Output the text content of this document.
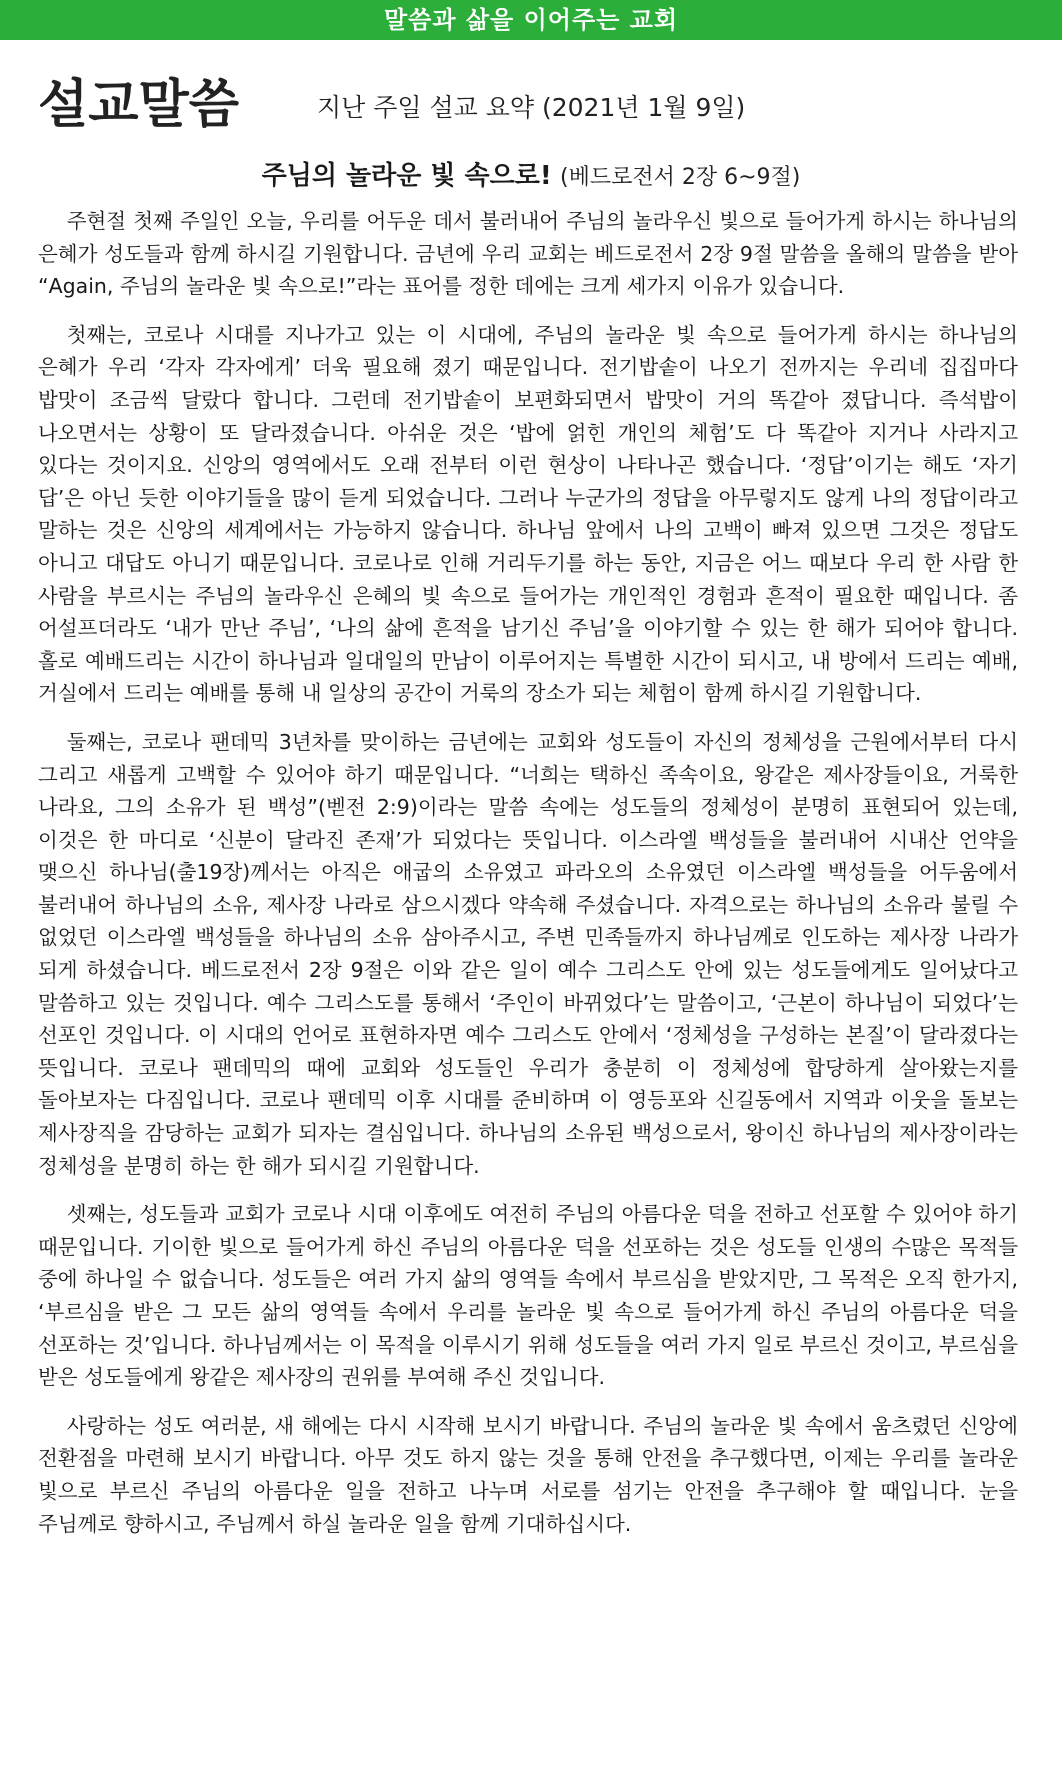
말씀과 삶을 이어주는 교회
설교말씀	지난 주일 설교 요약 (2021년 1월 9일)
주님의 놀라운 빛 속으로! (베드로전서 2장 6~9절)

주현절 첫째 주일인 오늘, 우리를 어두운 데서 불러내어 주님의 놀라우신 빛으로 들어가게 하시는 하나님의 은혜가 성도들과 함께 하시길 기원합니다. 금년에 우리 교회는 베드로전서 2장 9절 말씀을 올해의 말씀을 받아 “Again, 주님의 놀라운 빛 속으로!”라는 표어를 정한 데에는 크게 세가지 이유가 있습니다.

첫째는, 코로나 시대를 지나가고 있는 이 시대에, 주님의 놀라운 빛 속으로 들어가게 하시는 하나님의 은혜가 우리 ‘각자 각자에게’ 더욱 필요해 졌기 때문입니다. 전기밥솥이 나오기 전까지는 우리네 집집마다 밥맛이 조금씩 달랐다 합니다. 그런데 전기밥솥이 보편화되면서 밥맛이 거의 똑같아 졌답니다. 즉석밥이 나오면서는 상황이 또 달라졌습니다. 아쉬운 것은 ‘밥에 얽힌 개인의 체험’도 다 똑같아 지거나 사라지고 있다는 것이지요. 신앙의 영역에서도 오래 전부터 이런 현상이 나타나곤 했습니다. ‘정답’이기는 해도 ‘자기 답’은 아닌 듯한 이야기들을 많이 듣게 되었습니다. 그러나 누군가의 정답을 아무렇지도 않게 나의 정답이라고 말하는 것은 신앙의 세계에서는 가능하지 않습니다. 하나님 앞에서 나의 고백이 빠져 있으면 그것은 정답도 아니고 대답도 아니기 때문입니다. 코로나로 인해 거리두기를 하는 동안, 지금은 어느 때보다 우리 한 사람 한 사람을 부르시는 주님의 놀라우신 은혜의 빛 속으로 들어가는 개인적인 경험과 흔적이 필요한 때입니다. 좀 어설프더라도 ‘내가 만난 주님’, ‘나의 삶에 흔적을 남기신 주님’을 이야기할 수 있는 한 해가 되어야 합니다. 홀로 예배드리는 시간이 하나님과 일대일의 만남이 이루어지는 특별한 시간이 되시고, 내 방에서 드리는 예배, 거실에서 드리는 예배를 통해 내 일상의 공간이 거룩의 장소가 되는 체험이 함께 하시길 기원합니다.

둘째는, 코로나 팬데믹 3년차를 맞이하는 금년에는 교회와 성도들이 자신의 정체성을 근원에서부터 다시 그리고 새롭게 고백할 수 있어야 하기 때문입니다. “너희는 택하신 족속이요, 왕같은 제사장들이요, 거룩한 나라요, 그의 소유가 된 백성”(벧전 2:9)이라는 말씀 속에는 성도들의 정체성이 분명히 표현되어 있는데, 이것은 한 마디로 ‘신분이 달라진 존재’가 되었다는 뜻입니다. 이스라엘 백성들을 불러내어 시내산 언약을 맺으신 하나님(출19장)께서는 아직은 애굽의 소유였고 파라오의 소유였던 이스라엘 백성들을 어두움에서 불러내어 하나님의 소유, 제사장 나라로 삼으시겠다 약속해 주셨습니다. 자격으로는 하나님의 소유라 불릴 수 없었던 이스라엘 백성들을 하나님의 소유 삼아주시고, 주변 민족들까지 하나님께로 인도하는 제사장 나라가 되게 하셨습니다. 베드로전서 2장 9절은 이와 같은 일이 예수 그리스도 안에 있는 성도들에게도 일어났다고 말씀하고 있는 것입니다. 예수 그리스도를 통해서 ‘주인이 바뀌었다’는 말씀이고, ‘근본이 하나님이 되었다’는 선포인 것입니다. 이 시대의 언어로 표현하자면 예수 그리스도 안에서 ‘정체성을 구성하는 본질’이 달라졌다는 뜻입니다. 코로나 팬데믹의 때에 교회와 성도들인 우리가 충분히 이 정체성에 합당하게 살아왔는지를 돌아보자는 다짐입니다. 코로나 팬데믹 이후 시대를 준비하며 이 영등포와 신길동에서 지역과 이웃을 돌보는 제사장직을 감당하는 교회가 되자는 결심입니다. 하나님의 소유된 백성으로서, 왕이신 하나님의 제사장이라는 정체성을 분명히 하는 한 해가 되시길 기원합니다.

셋째는, 성도들과 교회가 코로나 시대 이후에도 여전히 주님의 아름다운 덕을 전하고 선포할 수 있어야 하기 때문입니다. 기이한 빛으로 들어가게 하신 주님의 아름다운 덕을 선포하는 것은 성도들 인생의 수많은 목적들 중에 하나일 수 없습니다. 성도들은 여러 가지 삶의 영역들 속에서 부르심을 받았지만, 그 목적은 오직 한가지, ‘부르심을 받은 그 모든 삶의 영역들 속에서 우리를 놀라운 빛 속으로 들어가게 하신 주님의 아름다운 덕을 선포하는 것’입니다. 하나님께서는 이 목적을 이루시기 위해 성도들을 여러 가지 일로 부르신 것이고, 부르심을 받은 성도들에게 왕같은 제사장의 권위를 부여해 주신 것입니다.

사랑하는 성도 여러분, 새 해에는 다시 시작해 보시기 바랍니다. 주님의 놀라운 빛 속에서 움츠렸던 신앙에 전환점을 마련해 보시기 바랍니다. 아무 것도 하지 않는 것을 통해 안전을 추구했다면, 이제는 우리를 놀라운 빛으로 부르신 주님의 아름다운 일을 전하고 나누며 서로를 섬기는 안전을 추구해야 할 때입니다. 눈을 주님께로 향하시고, 주님께서 하실 놀라운 일을 함께 기대하십시다.
